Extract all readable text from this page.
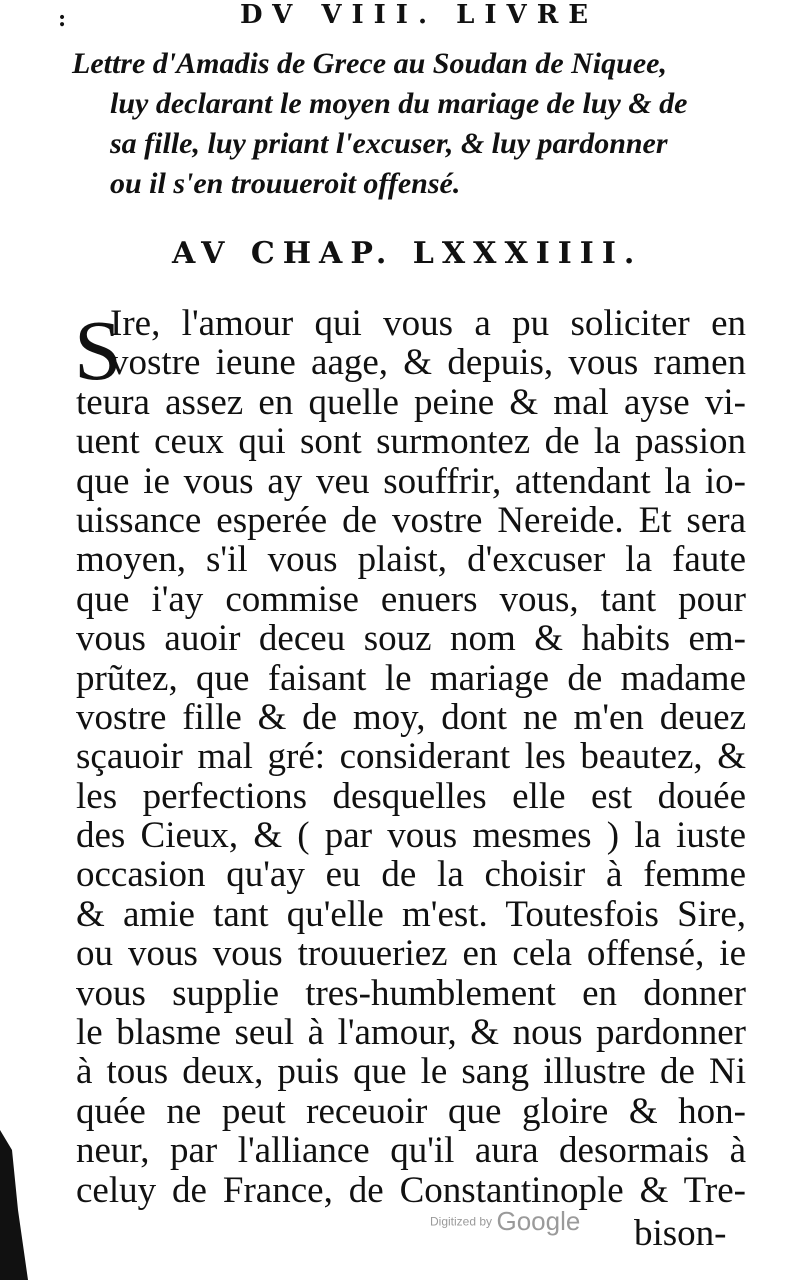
:	DV VIII. LIVRE
Lettre d'Amadis de Grece au Soudan de Niquee,
luy declarant le moyen du mariage de luy & de
sa fille, luy priant l'excuser, & luy pardonner
ou il s'en trouueroit offensé.
AV CHAP. LXXXIIII.
S
Ire, l'amour qui vous a pu soliciter en
vostre ieune aage, & depuis, vous ramen
teura assez en quelle peine & mal ayse vi-
uent ceux qui sont surmontez de la passion
que ie vous ay veu souffrir, attendant la io-
uissance esperée de vostre Nereide. Et sera
moyen, s'il vous plaist, d'excuser la faute
que i'ay commise enuers vous, tant pour
vous auoir deceu souz nom & habits em-
prũtez, que faisant le mariage de madame
vostre fille & de moy, dont ne m'en deuez
sçauoir mal gré: considerant les beautez, &
les perfections desquelles elle est douée
des Cieux, & ( par vous mesmes ) la iuste
occasion qu'ay eu de la choisir à femme
& amie tant qu'elle m'est. Toutesfois Sire,
ou vous vous trouueriez en cela offensé, ie
vous supplie tres-humblement en donner
le blasme seul à l'amour, & nous pardonner
à tous deux, puis que le sang illustre de Ni
quée ne peut receuoir que gloire & hon-
neur, par l'alliance qu'il aura desormais à
celuy de France, de Constantinople & Tre-
Digitized by Google bison-
